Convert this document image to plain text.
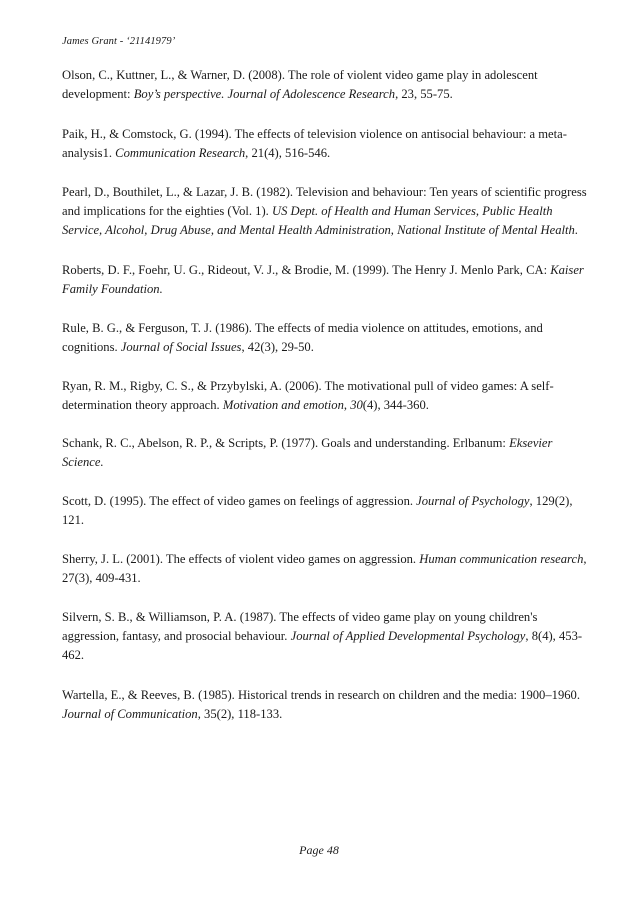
James Grant - ‘21141979’
Olson, C., Kuttner, L., & Warner, D. (2008). The role of violent video game play in adolescent development: Boy’s perspective. Journal of Adolescence Research, 23, 55-75.
Paik, H., & Comstock, G. (1994). The effects of television violence on antisocial behaviour: a meta-analysis1. Communication Research, 21(4), 516-546.
Pearl, D., Bouthilet, L., & Lazar, J. B. (1982). Television and behaviour: Ten years of scientific progress and implications for the eighties (Vol. 1). US Dept. of Health and Human Services, Public Health Service, Alcohol, Drug Abuse, and Mental Health Administration, National Institute of Mental Health.
Roberts, D. F., Foehr, U. G., Rideout, V. J., & Brodie, M. (1999). The Henry J. Menlo Park, CA: Kaiser Family Foundation.
Rule, B. G., & Ferguson, T. J. (1986). The effects of media violence on attitudes, emotions, and cognitions. Journal of Social Issues, 42(3), 29-50.
Ryan, R. M., Rigby, C. S., & Przybylski, A. (2006). The motivational pull of video games: A self-determination theory approach. Motivation and emotion, 30(4), 344-360.
Schank, R. C., Abelson, R. P., & Scripts, P. (1977). Goals and understanding. Erlbanum: Eksevier Science.
Scott, D. (1995). The effect of video games on feelings of aggression. Journal of Psychology, 129(2), 121.
Sherry, J. L. (2001). The effects of violent video games on aggression. Human communication research, 27(3), 409-431.
Silvern, S. B., & Williamson, P. A. (1987). The effects of video game play on young children's aggression, fantasy, and prosocial behaviour. Journal of Applied Developmental Psychology, 8(4), 453-462.
Wartella, E., & Reeves, B. (1985). Historical trends in research on children and the media: 1900–1960. Journal of Communication, 35(2), 118-133.
Page 48
